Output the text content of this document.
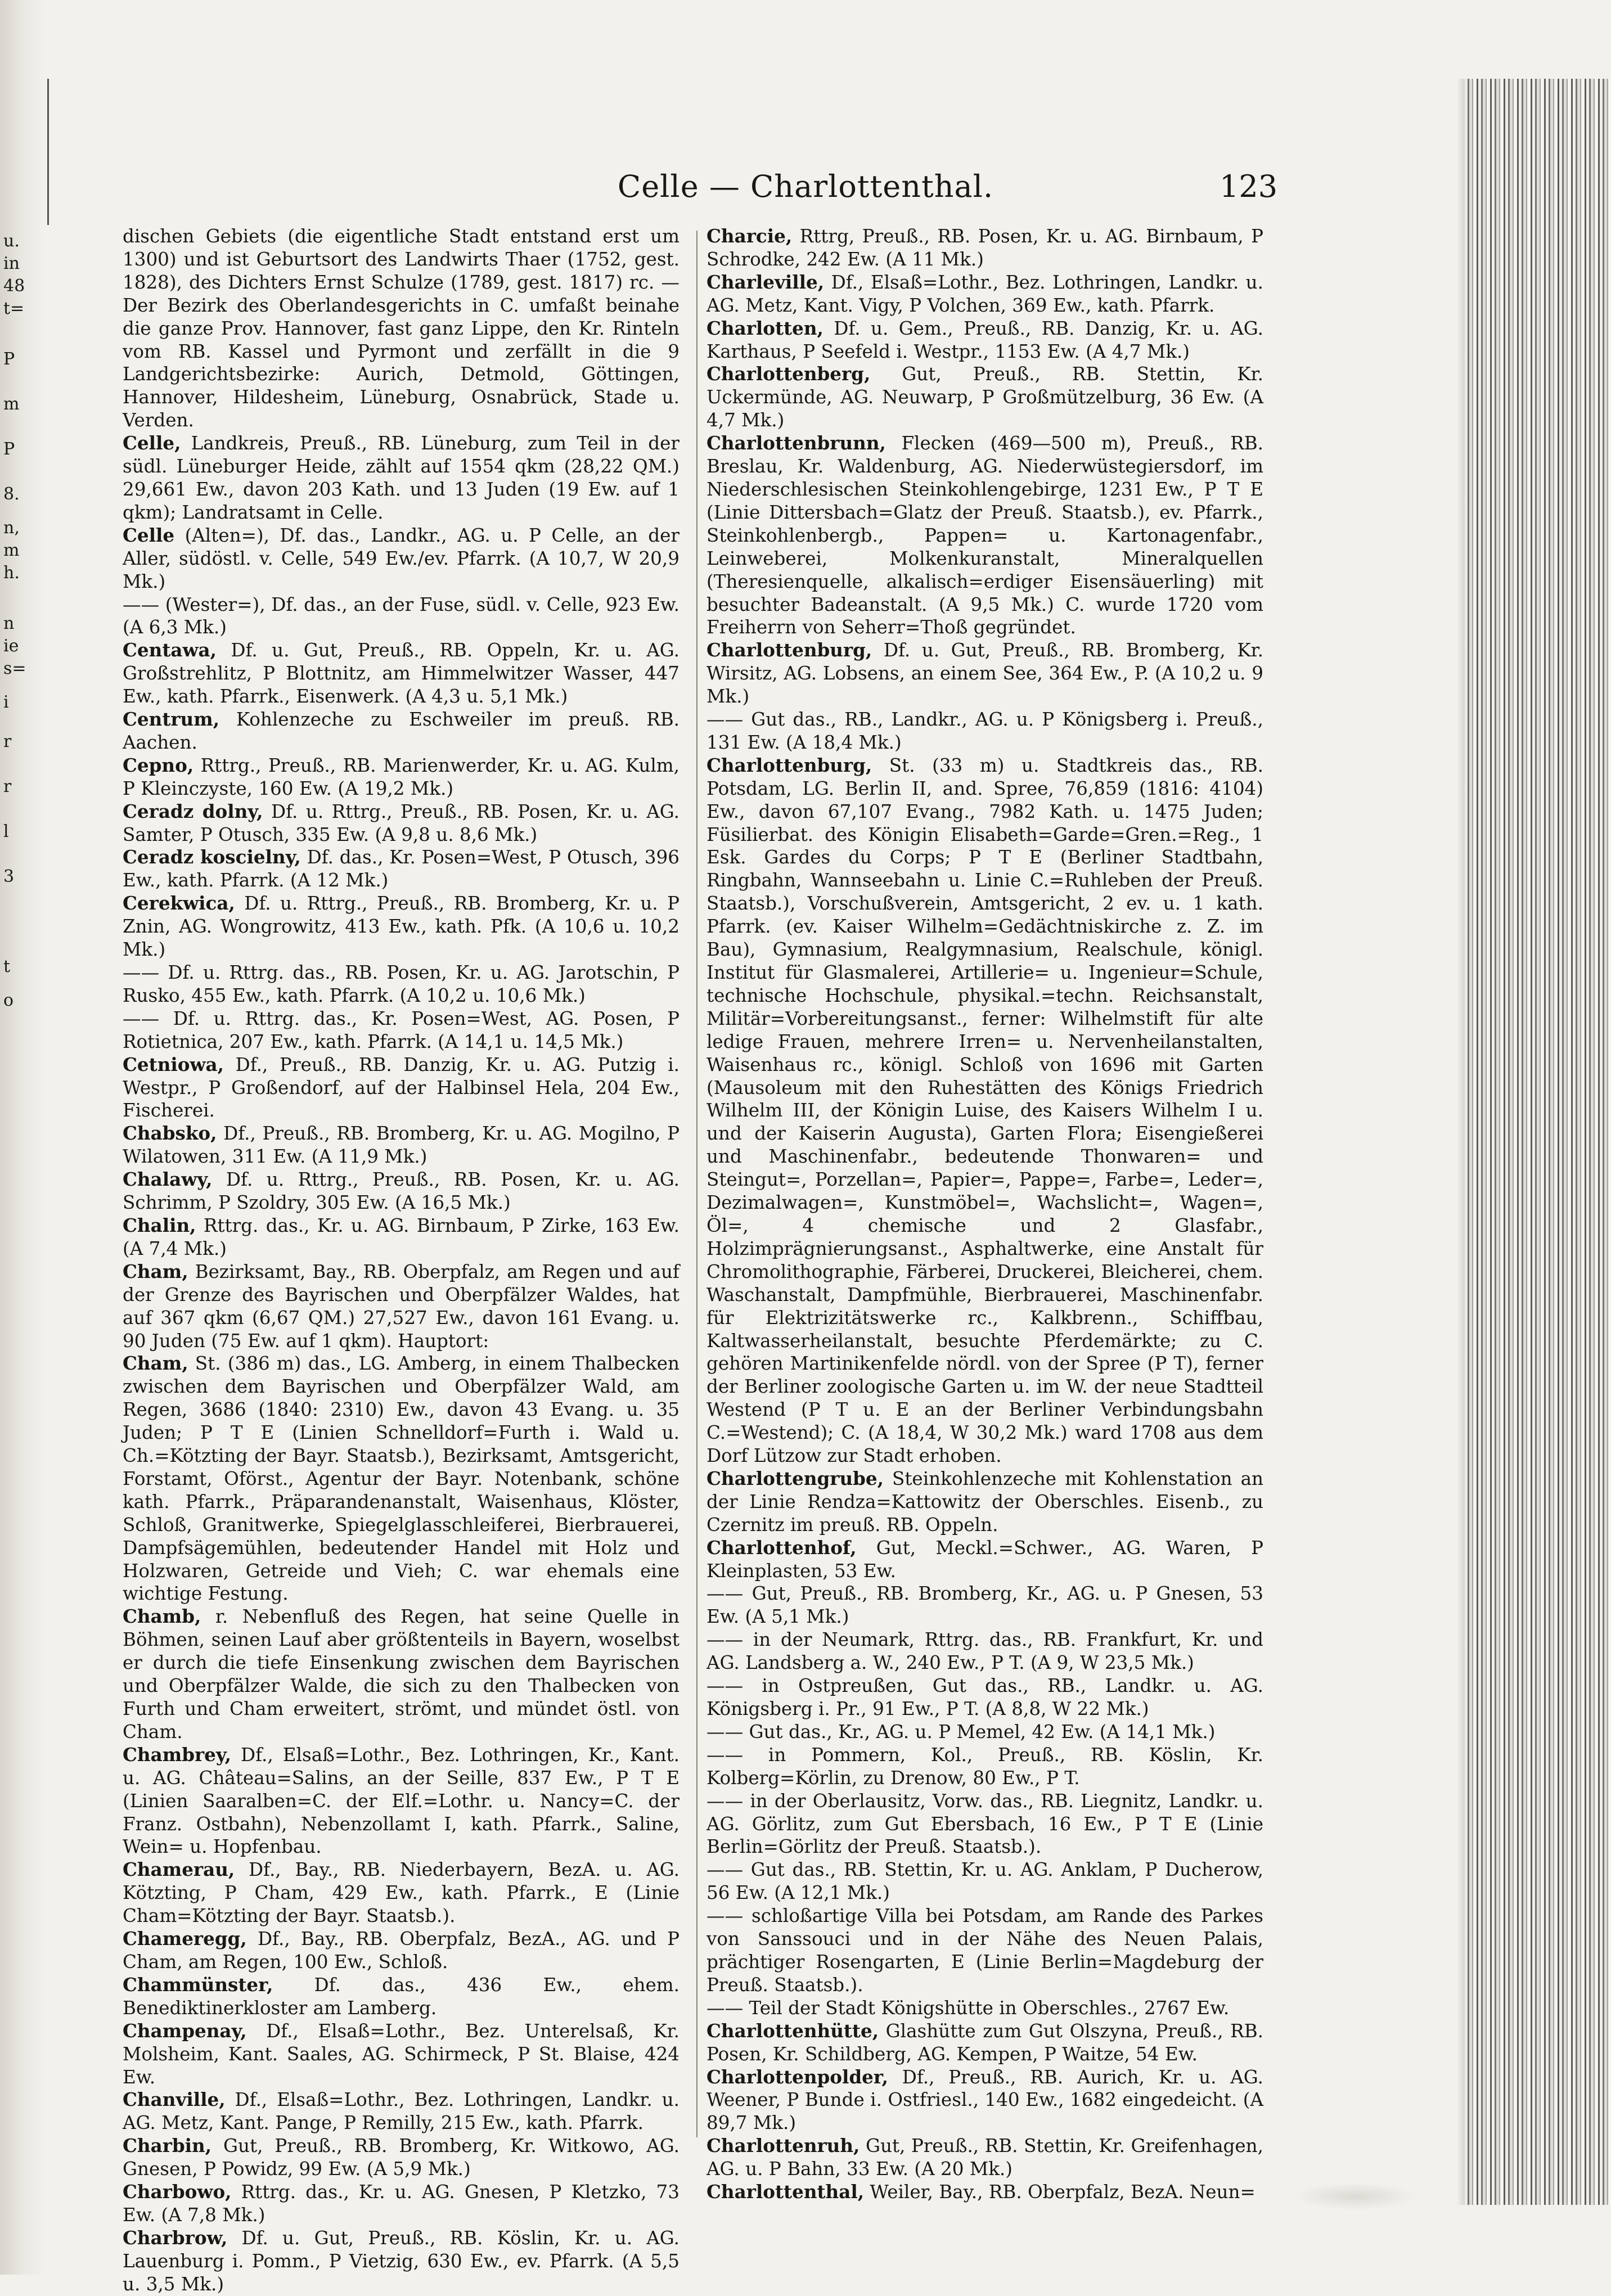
u.
in
48
t=
P
m
P
8.
n,
m
h.
n
ie
s=
i
r
r
l
3
t
o
Celle — Charlottenthal.	123

dischen Gebiets (die eigentliche Stadt entstand erst um 1300) und ist Geburtsort des Landwirts Thaer (1752, gest. 1828), des Dichters Ernst Schulze (1789, gest. 1817) rc. — Der Bezirk des Oberlandesgerichts in C. umfaßt beinahe die ganze Prov. Hannover, fast ganz Lippe, den Kr. Rinteln vom RB. Kassel und Pyrmont und zerfällt in die 9 Landgerichtsbezirke: Aurich, Detmold, Göttingen, Hannover, Hildesheim, Lüneburg, Osnabrück, Stade u. Verden.

Celle, Landkreis, Preuß., RB. Lüneburg, zum Teil in der südl. Lüneburger Heide, zählt auf 1554 qkm (28,22 QM.) 29,661 Ew., davon 203 Kath. und 13 Juden (19 Ew. auf 1 qkm); Landratsamt in Celle.

Celle (Alten=), Df. das., Landkr., AG. u. P Celle, an der Aller, südöstl. v. Celle, 549 Ew./ev. Pfarrk. (A 10,7, W 20,9 Mk.)

—— (Wester=), Df. das., an der Fuse, südl. v. Celle, 923 Ew. (A 6,3 Mk.)

Centawa, Df. u. Gut, Preuß., RB. Oppeln, Kr. u. AG. Großstrehlitz, P Blottnitz, am Himmelwitzer Wasser, 447 Ew., kath. Pfarrk., Eisenwerk. (A 4,3 u. 5,1 Mk.)

Centrum, Kohlenzeche zu Eschweiler im preuß. RB. Aachen.

Cepno, Rttrg., Preuß., RB. Marienwerder, Kr. u. AG. Kulm, P Kleinczyste, 160 Ew. (A 19,2 Mk.)

Ceradz dolny, Df. u. Rttrg., Preuß., RB. Posen, Kr. u. AG. Samter, P Otusch, 335 Ew. (A 9,8 u. 8,6 Mk.)

Ceradz koscielny, Df. das., Kr. Posen=West, P Otusch, 396 Ew., kath. Pfarrk. (A 12 Mk.)

Cerekwica, Df. u. Rttrg., Preuß., RB. Bromberg, Kr. u. P Znin, AG. Wongrowitz, 413 Ew., kath. Pfk. (A 10,6 u. 10,2 Mk.)

—— Df. u. Rttrg. das., RB. Posen, Kr. u. AG. Jarotschin, P Rusko, 455 Ew., kath. Pfarrk. (A 10,2 u. 10,6 Mk.)

—— Df. u. Rttrg. das., Kr. Posen=West, AG. Posen, P Rotietnica, 207 Ew., kath. Pfarrk. (A 14,1 u. 14,5 Mk.)

Cetniowa, Df., Preuß., RB. Danzig, Kr. u. AG. Putzig i. Westpr., P Großendorf, auf der Halbinsel Hela, 204 Ew., Fischerei.

Chabsko, Df., Preuß., RB. Bromberg, Kr. u. AG. Mogilno, P Wilatowen, 311 Ew. (A 11,9 Mk.)

Chalawy, Df. u. Rttrg., Preuß., RB. Posen, Kr. u. AG. Schrimm, P Szoldry, 305 Ew. (A 16,5 Mk.)

Chalin, Rttrg. das., Kr. u. AG. Birnbaum, P Zirke, 163 Ew. (A 7,4 Mk.)

Cham, Bezirksamt, Bay., RB. Oberpfalz, am Regen und auf der Grenze des Bayrischen und Oberpfälzer Waldes, hat auf 367 qkm (6,67 QM.) 27,527 Ew., davon 161 Evang. u. 90 Juden (75 Ew. auf 1 qkm). Hauptort:

Cham, St. (386 m) das., LG. Amberg, in einem Thalbecken zwischen dem Bayrischen und Oberpfälzer Wald, am Regen, 3686 (1840: 2310) Ew., davon 43 Evang. u. 35 Juden; P T E (Linien Schnelldorf=Furth i. Wald u. Ch.=Kötzting der Bayr. Staatsb.), Bezirksamt, Amtsgericht, Forstamt, Oförst., Agentur der Bayr. Notenbank, schöne kath. Pfarrk., Präparandenanstalt, Waisenhaus, Klöster, Schloß, Granitwerke, Spiegelglasschleiferei, Bierbrauerei, Dampfsägemühlen, bedeutender Handel mit Holz und Holzwaren, Getreide und Vieh; C. war ehemals eine wichtige Festung.

Chamb, r. Nebenfluß des Regen, hat seine Quelle in Böhmen, seinen Lauf aber größtenteils in Bayern, woselbst er durch die tiefe Einsenkung zwischen dem Bayrischen und Oberpfälzer Walde, die sich zu den Thalbecken von Furth und Cham erweitert, strömt, und mündet östl. von Cham.

Chambrey, Df., Elsaß=Lothr., Bez. Lothringen, Kr., Kant. u. AG. Château=Salins, an der Seille, 837 Ew., P T E (Linien Saaralben=C. der Elf.=Lothr. u. Nancy=C. der Franz. Ostbahn), Nebenzollamt I, kath. Pfarrk., Saline, Wein= u. Hopfenbau.

Chamerau, Df., Bay., RB. Niederbayern, BezA. u. AG. Kötzting, P Cham, 429 Ew., kath. Pfarrk., E (Linie Cham=Kötzting der Bayr. Staatsb.).

Chameregg, Df., Bay., RB. Oberpfalz, BezA., AG. und P Cham, am Regen, 100 Ew., Schloß.

Chammünster, Df. das., 436 Ew., ehem. Benediktinerkloster am Lamberg.

Champenay, Df., Elsaß=Lothr., Bez. Unterelsaß, Kr. Molsheim, Kant. Saales, AG. Schirmeck, P St. Blaise, 424 Ew.

Chanville, Df., Elsaß=Lothr., Bez. Lothringen, Landkr. u. AG. Metz, Kant. Pange, P Remilly, 215 Ew., kath. Pfarrk.

Charbin, Gut, Preuß., RB. Bromberg, Kr. Witkowo, AG. Gnesen, P Powidz, 99 Ew. (A 5,9 Mk.)

Charbowo, Rttrg. das., Kr. u. AG. Gnesen, P Kletzko, 73 Ew. (A 7,8 Mk.)

Charbrow, Df. u. Gut, Preuß., RB. Köslin, Kr. u. AG. Lauenburg i. Pomm., P Vietzig, 630 Ew., ev. Pfarrk. (A 5,5 u. 3,5 Mk.)

Charcie, Rttrg, Preuß., RB. Posen, Kr. u. AG. Birnbaum, P Schrodke, 242 Ew. (A 11 Mk.)

Charleville, Df., Elsaß=Lothr., Bez. Lothringen, Landkr. u. AG. Metz, Kant. Vigy, P Volchen, 369 Ew., kath. Pfarrk.

Charlotten, Df. u. Gem., Preuß., RB. Danzig, Kr. u. AG. Karthaus, P Seefeld i. Westpr., 1153 Ew. (A 4,7 Mk.)

Charlottenberg, Gut, Preuß., RB. Stettin, Kr. Uckermünde, AG. Neuwarp, P Großmützelburg, 36 Ew. (A 4,7 Mk.)

Charlottenbrunn, Flecken (469—500 m), Preuß., RB. Breslau, Kr. Waldenburg, AG. Niederwüstegiersdorf, im Niederschlesischen Steinkohlengebirge, 1231 Ew., P T E (Linie Dittersbach=Glatz der Preuß. Staatsb.), ev. Pfarrk., Steinkohlenbergb., Pappen= u. Kartonagenfabr., Leinweberei, Molkenkuranstalt, Mineralquellen (Theresienquelle, alkalisch=erdiger Eisensäuerling) mit besuchter Badeanstalt. (A 9,5 Mk.) C. wurde 1720 vom Freiherrn von Seherr=Thoß gegründet.

Charlottenburg, Df. u. Gut, Preuß., RB. Bromberg, Kr. Wirsitz, AG. Lobsens, an einem See, 364 Ew., P. (A 10,2 u. 9 Mk.)

—— Gut das., RB., Landkr., AG. u. P Königsberg i. Preuß., 131 Ew. (A 18,4 Mk.)

Charlottenburg, St. (33 m) u. Stadtkreis das., RB. Potsdam, LG. Berlin II, and. Spree, 76,859 (1816: 4104) Ew., davon 67,107 Evang., 7982 Kath. u. 1475 Juden; Füsilierbat. des Königin Elisabeth=Garde=Gren.=Reg., 1 Esk. Gardes du Corps; P T E (Berliner Stadtbahn, Ringbahn, Wannseebahn u. Linie C.=Ruhleben der Preuß. Staatsb.), Vorschußverein, Amtsgericht, 2 ev. u. 1 kath. Pfarrk. (ev. Kaiser Wilhelm=Gedächtniskirche z. Z. im Bau), Gymnasium, Realgymnasium, Realschule, königl. Institut für Glasmalerei, Artillerie= u. Ingenieur=Schule, technische Hochschule, physikal.=techn. Reichsanstalt, Militär=Vorbereitungsanst., ferner: Wilhelmstift für alte ledige Frauen, mehrere Irren= u. Nervenheilanstalten, Waisenhaus rc., königl. Schloß von 1696 mit Garten (Mausoleum mit den Ruhestätten des Königs Friedrich Wilhelm III, der Königin Luise, des Kaisers Wilhelm I u. und der Kaiserin Augusta), Garten Flora; Eisengießerei und Maschinenfabr., bedeutende Thonwaren= und Steingut=, Porzellan=, Papier=, Pappe=, Farbe=, Leder=, Dezimalwagen=, Kunstmöbel=, Wachslicht=, Wagen=, Öl=, 4 chemische und 2 Glasfabr., Holzimprägnierungsanst., Asphaltwerke, eine Anstalt für Chromolithographie, Färberei, Druckerei, Bleicherei, chem. Waschanstalt, Dampfmühle, Bierbrauerei, Maschinenfabr. für Elektrizitätswerke rc., Kalkbrenn., Schiffbau, Kaltwasserheilanstalt, besuchte Pferdemärkte; zu C. gehören Martinikenfelde nördl. von der Spree (P T), ferner der Berliner zoologische Garten u. im W. der neue Stadtteil Westend (P T u. E an der Berliner Verbindungsbahn C.=Westend); C. (A 18,4, W 30,2 Mk.) ward 1708 aus dem Dorf Lützow zur Stadt erhoben.

Charlottengrube, Steinkohlenzeche mit Kohlenstation an der Linie Rendza=Kattowitz der Oberschles. Eisenb., zu Czernitz im preuß. RB. Oppeln.

Charlottenhof, Gut, Meckl.=Schwer., AG. Waren, P Kleinplasten, 53 Ew.

—— Gut, Preuß., RB. Bromberg, Kr., AG. u. P Gnesen, 53 Ew. (A 5,1 Mk.)

—— in der Neumark, Rttrg. das., RB. Frankfurt, Kr. und AG. Landsberg a. W., 240 Ew., P T. (A 9, W 23,5 Mk.)

—— in Ostpreußen, Gut das., RB., Landkr. u. AG. Königsberg i. Pr., 91 Ew., P T. (A 8,8, W 22 Mk.)

—— Gut das., Kr., AG. u. P Memel, 42 Ew. (A 14,1 Mk.)

—— in Pommern, Kol., Preuß., RB. Köslin, Kr. Kolberg=Körlin, zu Drenow, 80 Ew., P T.

—— in der Oberlausitz, Vorw. das., RB. Liegnitz, Landkr. u. AG. Görlitz, zum Gut Ebersbach, 16 Ew., P T E (Linie Berlin=Görlitz der Preuß. Staatsb.).

—— Gut das., RB. Stettin, Kr. u. AG. Anklam, P Ducherow, 56 Ew. (A 12,1 Mk.)

—— schloßartige Villa bei Potsdam, am Rande des Parkes von Sanssouci und in der Nähe des Neuen Palais, prächtiger Rosengarten, E (Linie Berlin=Magdeburg der Preuß. Staatsb.).

—— Teil der Stadt Königshütte in Oberschles., 2767 Ew.

Charlottenhütte, Glashütte zum Gut Olszyna, Preuß., RB. Posen, Kr. Schildberg, AG. Kempen, P Waitze, 54 Ew.

Charlottenpolder, Df., Preuß., RB. Aurich, Kr. u. AG. Weener, P Bunde i. Ostfriesl., 140 Ew., 1682 eingedeicht. (A 89,7 Mk.)

Charlottenruh, Gut, Preuß., RB. Stettin, Kr. Greifenhagen, AG. u. P Bahn, 33 Ew. (A 20 Mk.)

Charlottenthal, Weiler, Bay., RB. Oberpfalz, BezA. Neun=
